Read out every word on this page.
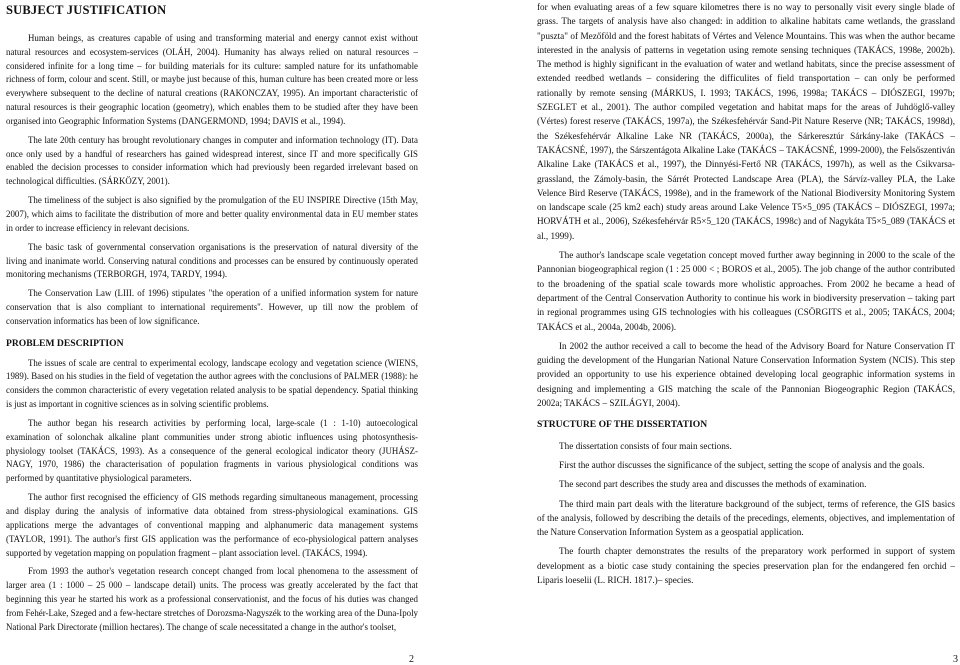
SUBJECT JUSTIFICATION

Human beings, as creatures capable of using and transforming material and energy cannot exist without natural resources and ecosystem-services (OLÁH, 2004). Humanity has always relied on natural resources – considered infinite for a long time – for building materials for its culture: sampled nature for its unfathomable richness of form, colour and scent. Still, or maybe just because of this, human culture has been created more or less everywhere subsequent to the decline of natural creations (RAKONCZAY, 1995). An important characteristic of natural resources is their geographic location (geometry), which enables them to be studied after they have been organised into Geographic Information Systems (DANGERMOND, 1994; DAVIS et al., 1994).

The late 20th century has brought revolutionary changes in computer and information technology (IT). Data once only used by a handful of researchers has gained widespread interest, since IT and more specifically GIS enabled the decision processes to consider information which had previously been regarded irrelevant based on technological difficulties. (SÁRKÖZY, 2001).

The timeliness of the subject is also signified by the promulgation of the EU INSPIRE Directive (15th May, 2007), which aims to facilitate the distribution of more and better quality environmental data in EU member states in order to increase efficiency in relevant decisions.

The basic task of governmental conservation organisations is the preservation of natural diversity of the living and inanimate world. Conserving natural conditions and processes can be ensured by continuously operated monitoring mechanisms (TERBORGH, 1974, TARDY, 1994).

The Conservation Law (LIII. of 1996) stipulates "the operation of a unified information system for nature conservation that is also compliant to international requirements". However, up till now the problem of conservation informatics has been of low significance.

PROBLEM DESCRIPTION

The issues of scale are central to experimental ecology, landscape ecology and vegetation science (WIENS, 1989). Based on his studies in the field of vegetation the author agrees with the conclusions of PALMER (1988): he considers the common characteristic of every vegetation related analysis to be spatial dependency. Spatial thinking is just as important in cognitive sciences as in solving scientific problems.

The author began his research activities by performing local, large-scale (1 : 1-10) autoecological examination of solonchak alkaline plant communities under strong abiotic influences using photosynthesis-physiology toolset (TAKÁCS, 1993). As a consequence of the general ecological indicator theory (JUHÁSZ-NAGY, 1970, 1986) the characterisation of population fragments in various physiological conditions was performed by quantitative physiological parameters.

The author first recognised the efficiency of GIS methods regarding simultaneous management, processing and display during the analysis of informative data obtained from stress-physiological examinations. GIS applications merge the advantages of conventional mapping and alphanumeric data management systems (TAYLOR, 1991). The author's first GIS application was the performance of eco-physiological pattern analyses supported by vegetation mapping on population fragment – plant association level. (TAKÁCS, 1994).

From 1993 the author's vegetation research concept changed from local phenomena to the assessment of larger area (1 : 1000 – 25 000 – landscape detail) units. The process was greatly accelerated by the fact that beginning this year he started his work as a professional conservationist, and the focus of his duties was changed from Fehér-Lake, Szeged and a few-hectare stretches of Dorozsma-Nagyszék to the working area of the Duna-Ipoly National Park Directorate (million hectares). The change of scale necessitated a change in the author's toolset,

for when evaluating areas of a few square kilometres there is no way to personally visit every single blade of grass. The targets of analysis have also changed: in addition to alkaline habitats came wetlands, the grassland "puszta" of Mezőföld and the forest habitats of Vértes and Velence Mountains. This was when the author became interested in the analysis of patterns in vegetation using remote sensing techniques (TAKÁCS, 1998e, 2002b). The method is highly significant in the evaluation of water and wetland habitats, since the precise assessment of extended reedbed wetlands – considering the difficulites of field transportation – can only be performed rationally by remote sensing (MÁRKUS, I. 1993; TAKÁCS, 1996, 1998a; TAKÁCS – DIÓSZEGI, 1997b; SZEGLET et al., 2001). The author compiled vegetation and habitat maps for the areas of Juhdöglő-valley (Vértes) forest reserve (TAKÁCS, 1997a), the Székesfehérvár Sand-Pit Nature Reserve (NR; TAKÁCS, 1998d), the Székesfehérvár Alkaline Lake NR (TAKÁCS, 2000a), the Sárkeresztúr Sárkány-lake (TAKÁCS – TAKÁCSNÉ, 1997), the Sárszentágota Alkaline Lake (TAKÁCS – TAKÁCSNÉ, 1999-2000), the Felsőszentiván Alkaline Lake (TAKÁCS et al., 1997), the Dinnyési-Fertő NR (TAKÁCS, 1997h), as well as the Csikvarsa-grassland, the Zámoly-basin, the Sárrét Protected Landscape Area (PLA), the Sárvíz-valley PLA, the Lake Velence Bird Reserve (TAKÁCS, 1998e), and in the framework of the National Biodiversity Monitoring System on landscape scale (25 km2 each) study areas around Lake Velence T5×5_095 (TAKÁCS – DIÓSZEGI, 1997a; HORVÁTH et al., 2006), Székesfehérvár R5×5_120 (TAKÁCS, 1998c) and of Nagykáta T5×5_089 (TAKÁCS et al., 1999).

The author's landscape scale vegetation concept moved further away beginning in 2000 to the scale of the Pannonian biogeographical region (1 : 25 000 < ; BOROS et al., 2005). The job change of the author contributed to the broadening of the spatial scale towards more wholistic approaches. From 2002 he became a head of department of the Central Conservation Authority to continue his work in biodiversity preservation – taking part in regional programmes using GIS technologies with his colleagues (CSÖRGITS et al., 2005; TAKÁCS, 2004; TAKÁCS et al., 2004a, 2004b, 2006).

In 2002 the author received a call to become the head of the Advisory Board for Nature Conservation IT guiding the development of the Hungarian National Nature Conservation Information System (NCIS). This step provided an opportunity to use his experience obtained developing local geographic information systems in designing and implementing a GIS matching the scale of the Pannonian Biogeographic Region (TAKÁCS, 2002a; TAKÁCS – SZILÁGYI, 2004).

STRUCTURE OF THE DISSERTATION

The dissertation consists of four main sections.

First the author discusses the significance of the subject, setting the scope of analysis and the goals.

The second part describes the study area and discusses the methods of examination.

The third main part deals with the literature background of the subject, terms of reference, the GIS basics of the analysis, followed by describing the details of the precedings, elements, objectives, and implementation of the Nature Conservation Information System as a geospatial application.

The fourth chapter demonstrates the results of the preparatory work performed in support of system development as a biotic case study containing the species preservation plan for the endangered fen orchid –Liparis loeselii (L. RICH. 1817.)– species.

2	3
